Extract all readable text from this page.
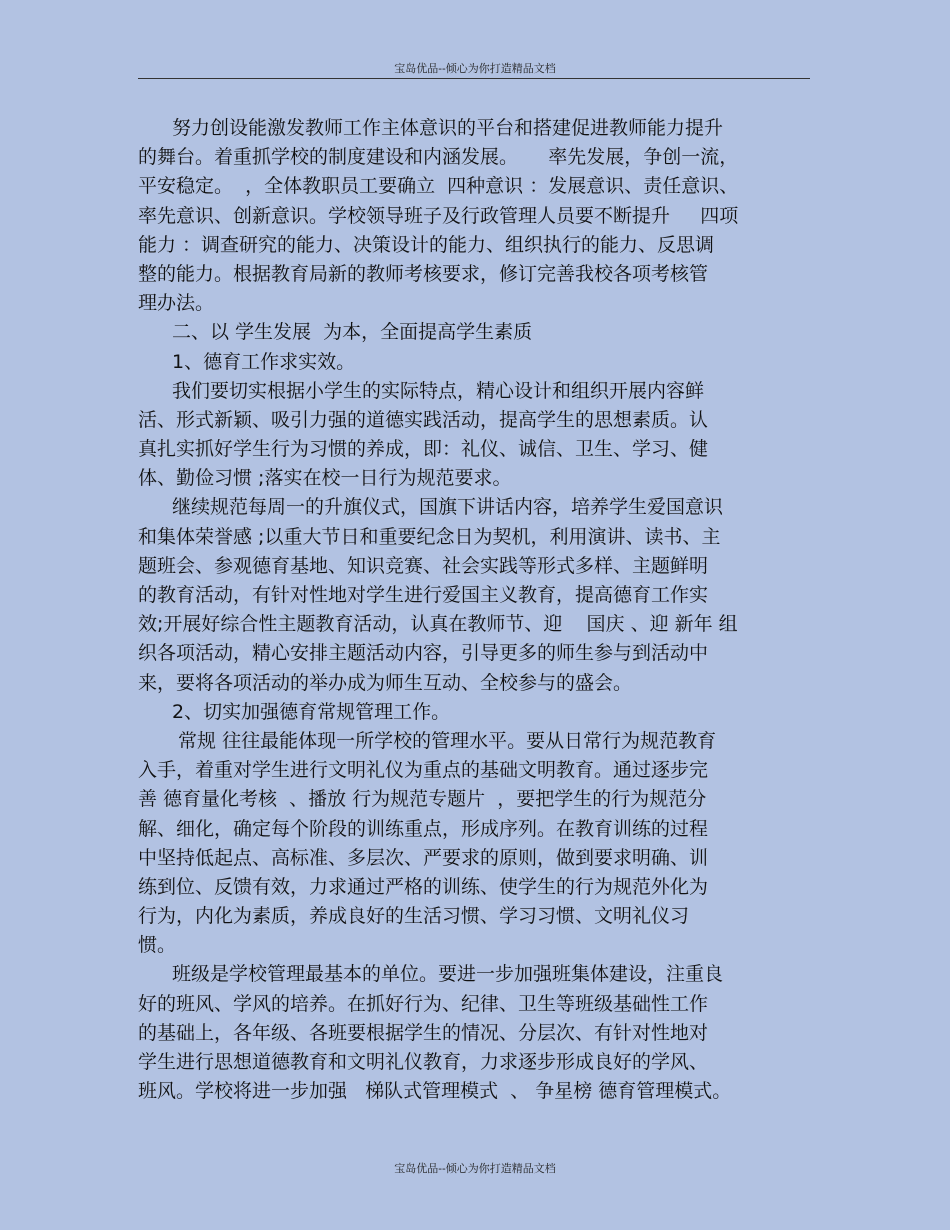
宝岛优品--倾心为你打造精品文档
努力创设能激发教师工作主体意识的平台和搭建促进教师能力提升
的舞台。着重抓学校的制度建设和内涵发展。     率先发展，争创一流，
平安稳定。  ，全体教职员工要确立  四种意识 ：发展意识、责任意识、
率先意识、创新意识。学校领导班子及行政管理人员要不断提升     四项
能力 ：调查研究的能力、决策设计的能力、组织执行的能力、反思调
整的能力。根据教育局新的教师考核要求，修订完善我校各项考核管
理办法。
二、以 学生发展  为本，全面提高学生素质
1、德育工作求实效。
我们要切实根据小学生的实际特点，精心设计和组织开展内容鲜
活、形式新颖、吸引力强的道德实践活动，提高学生的思想素质。认
真扎实抓好学生行为习惯的养成，即：礼仪、诚信、卫生、学习、健
体、勤俭习惯 ;落实在校一日行为规范要求。
继续规范每周一的升旗仪式，国旗下讲话内容，培养学生爱国意识
和集体荣誉感 ;以重大节日和重要纪念日为契机，利用演讲、读书、主
题班会、参观德育基地、知识竞赛、社会实践等形式多样、主题鲜明
的教育活动，有针对性地对学生进行爱国主义教育，提高德育工作实
效;开展好综合性主题教育活动，认真在教师节、迎    国庆 、迎 新年 组
织各项活动，精心安排主题活动内容，引导更多的师生参与到活动中
来，要将各项活动的举办成为师生互动、全校参与的盛会。
2、切实加强德育常规管理工作。
常规 往往最能体现一所学校的管理水平。要从日常行为规范教育
入手，着重对学生进行文明礼仪为重点的基础文明教育。通过逐步完
善 德育量化考核  、播放 行为规范专题片  ，要把学生的行为规范分
解、细化，确定每个阶段的训练重点，形成序列。在教育训练的过程
中坚持低起点、高标准、多层次、严要求的原则，做到要求明确、训
练到位、反馈有效，力求通过严格的训练、使学生的行为规范外化为
行为，内化为素质，养成良好的生活习惯、学习习惯、文明礼仪习
惯。
班级是学校管理最基本的单位。要进一步加强班集体建设，注重良
好的班风、学风的培养。在抓好行为、纪律、卫生等班级基础性工作
的基础上，各年级、各班要根据学生的情况、分层次、有针对性地对
学生进行思想道德教育和文明礼仪教育，力求逐步形成良好的学风、
班风。学校将进一步加强   梯队式管理模式  、 争星榜 德育管理模式。
宝岛优品--倾心为你打造精品文档
